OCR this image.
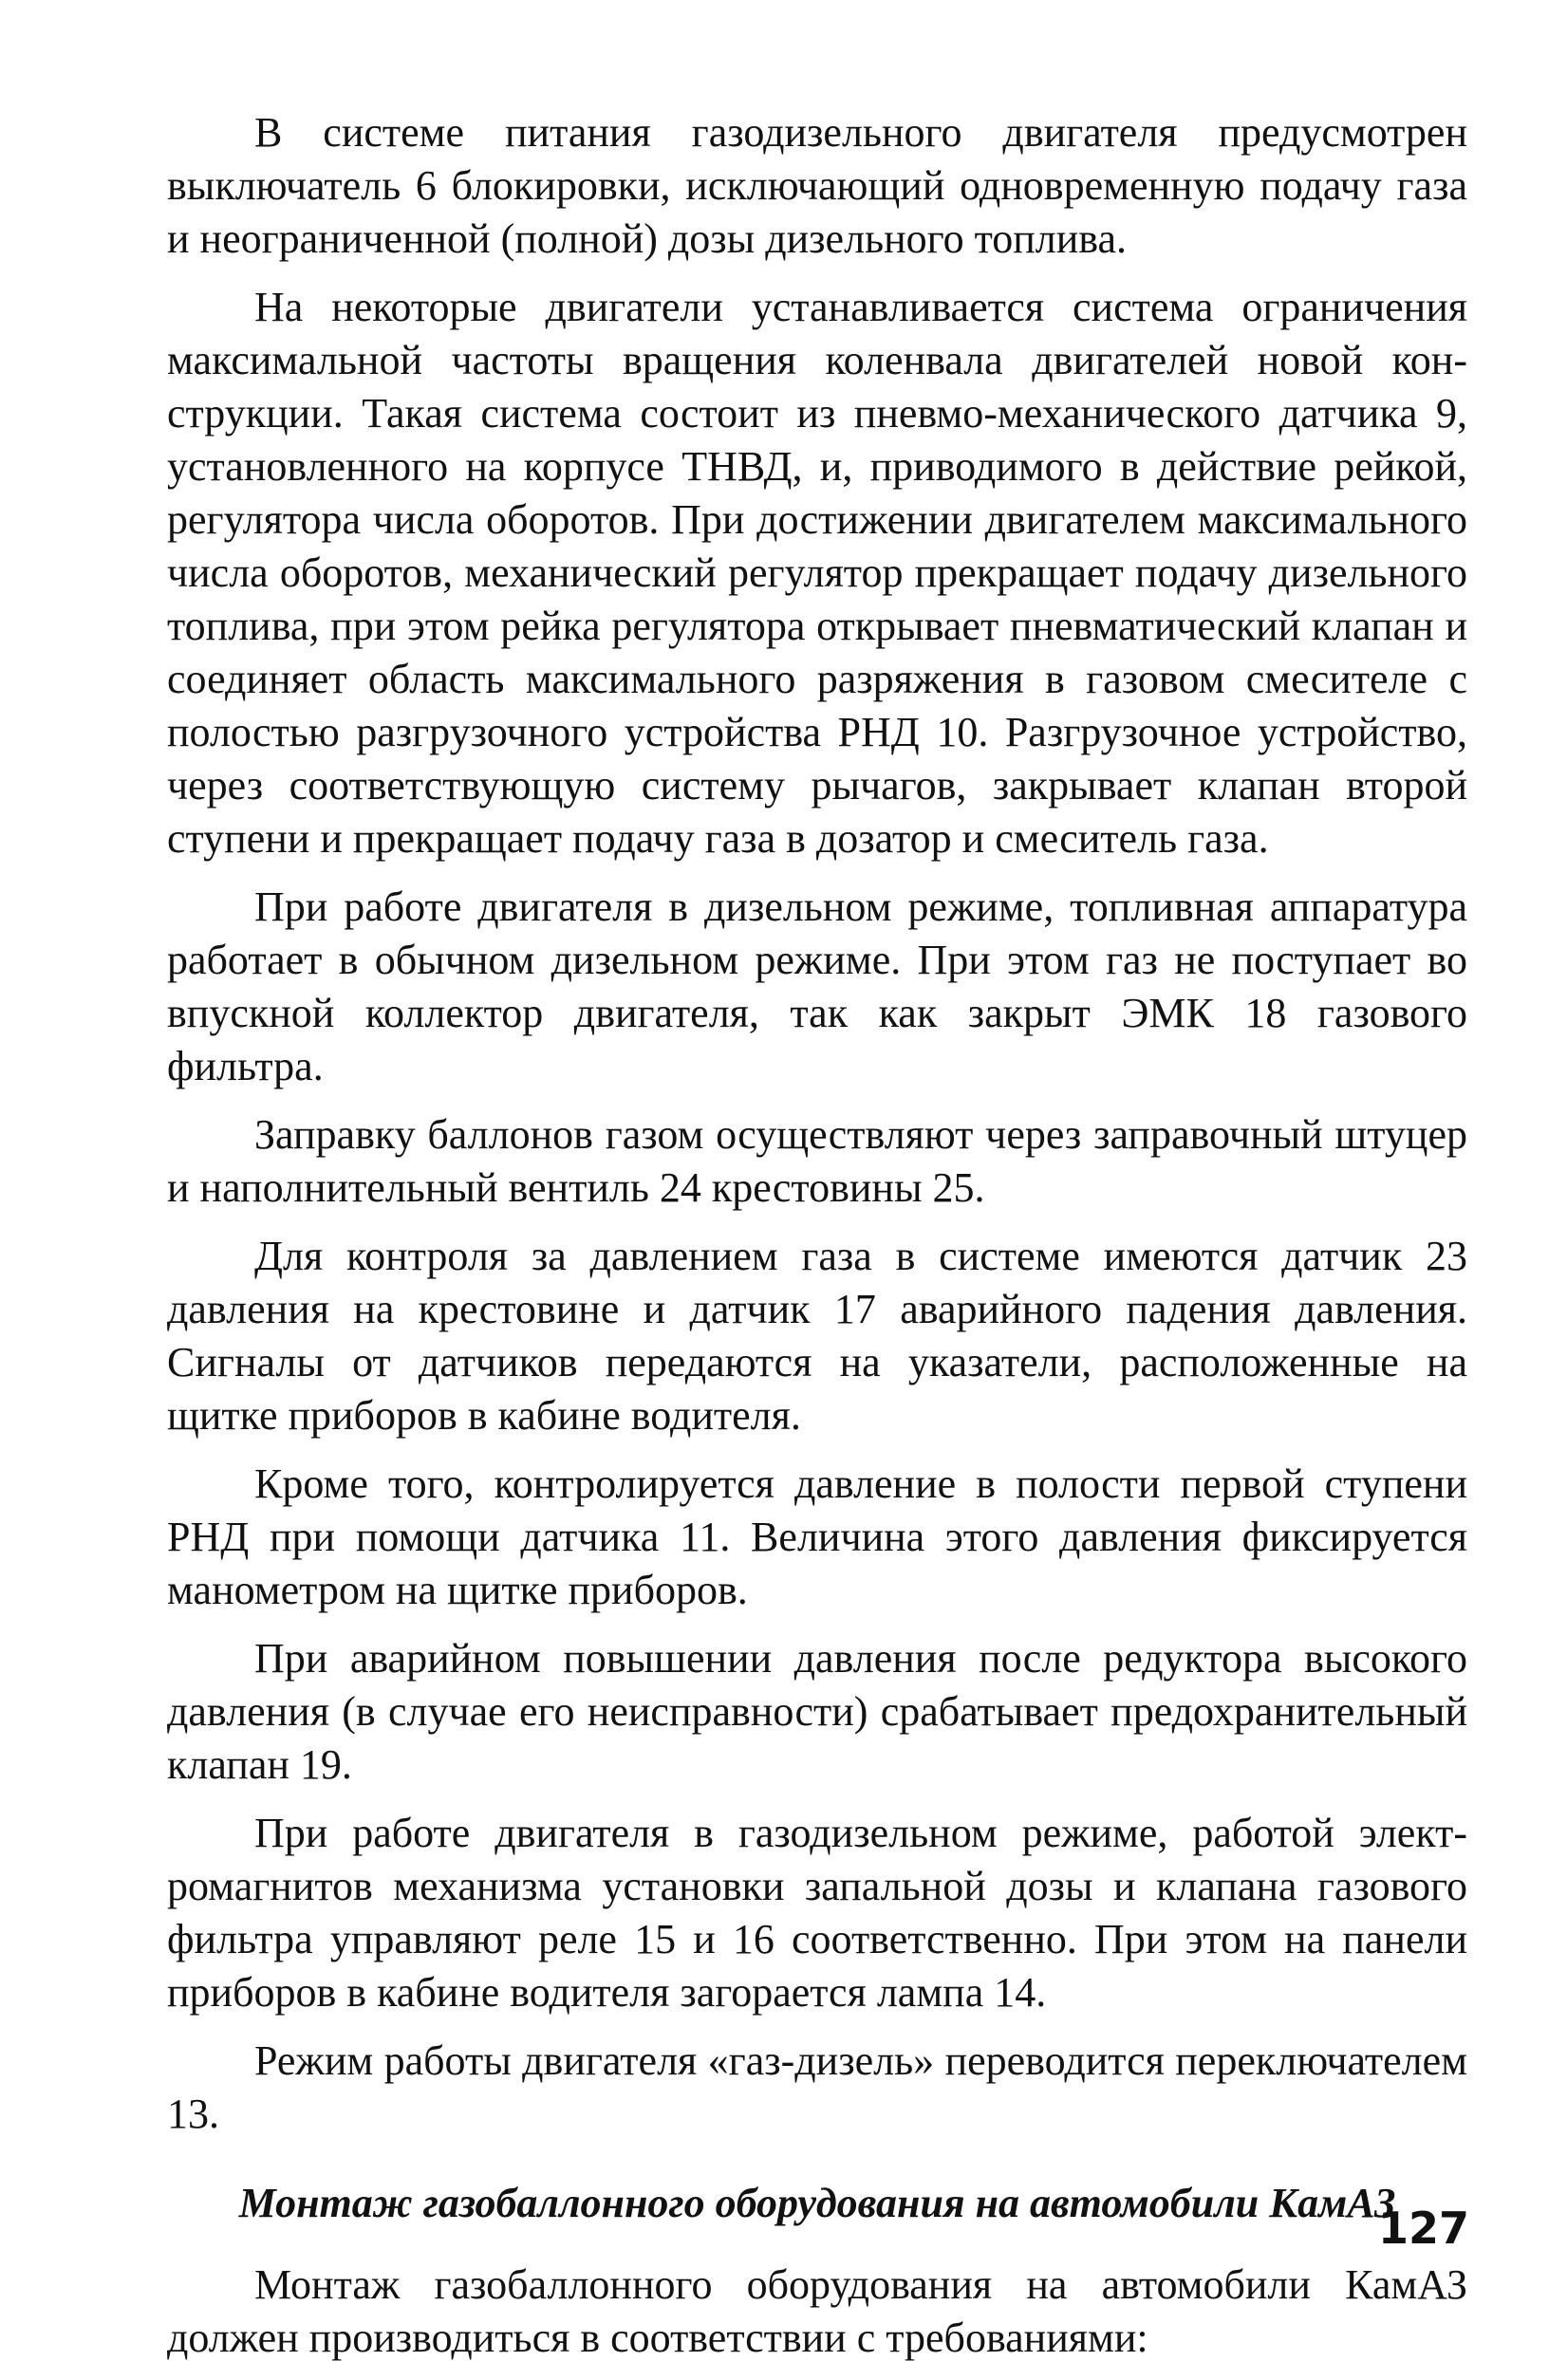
В системе питания газодизельного двигателя предусмотрен выключатель 6 блокировки, исключающий одновременную подачу газа и неограниченной (полной) дозы дизельного топлива.

На некоторые двигатели устанавливается система ограничения максимальной частоты вращения коленвала двигателей новой конструкции. Такая система состоит из пневмо-механического датчика 9, установленного на корпусе ТНВД, и, приводимого в действие рейкой, регулятора числа оборотов. При достижении двигателем максимального числа оборотов, механический регулятор прекращает подачу дизельного топлива, при этом рейка регулятора открывает пневматический клапан и соединяет область максимального разряжения в газовом смесителе с полостью разгрузочного устройства РНД 10. Разгрузочное устройство, через соответствующую систему рычагов, закрывает клапан второй ступени и прекращает подачу газа в дозатор и смеситель газа.

При работе двигателя в дизельном режиме, топливная аппаратура работает в обычном дизельном режиме. При этом газ не поступает во впускной коллектор двигателя, так как закрыт ЭМК 18 газового фильтра.

Заправку баллонов газом осуществляют через заправочный штуцер и наполнительный вентиль 24 крестовины 25.

Для контроля за давлением газа в системе имеются датчик 23 давления на крестовине и датчик 17 аварийного падения давления. Сигналы от датчиков передаются на указатели, расположенные на щитке приборов в кабине водителя.

Кроме того, контролируется давление в полости первой ступени РНД при помощи датчика 11. Величина этого давления фиксируется манометром на щитке приборов.

При аварийном повышении давления после редуктора высокого давления (в случае его неисправности) срабатывает предохранительный клапан 19.

При работе двигателя в газодизельном режиме, работой электромагнитов механизма установки запальной дозы и клапана газового фильтра управляют реле 15 и 16 соответственно. При этом на панели приборов в кабине водителя загорается лампа 14.

Режим работы двигателя «газ-дизель» переводится переключателем 13.

Монтаж газобаллонного оборудования на автомобили КамАЗ

Монтаж газобаллонного оборудования на автомобили КамАЗ должен производиться в соответствии с требованиями:

127
